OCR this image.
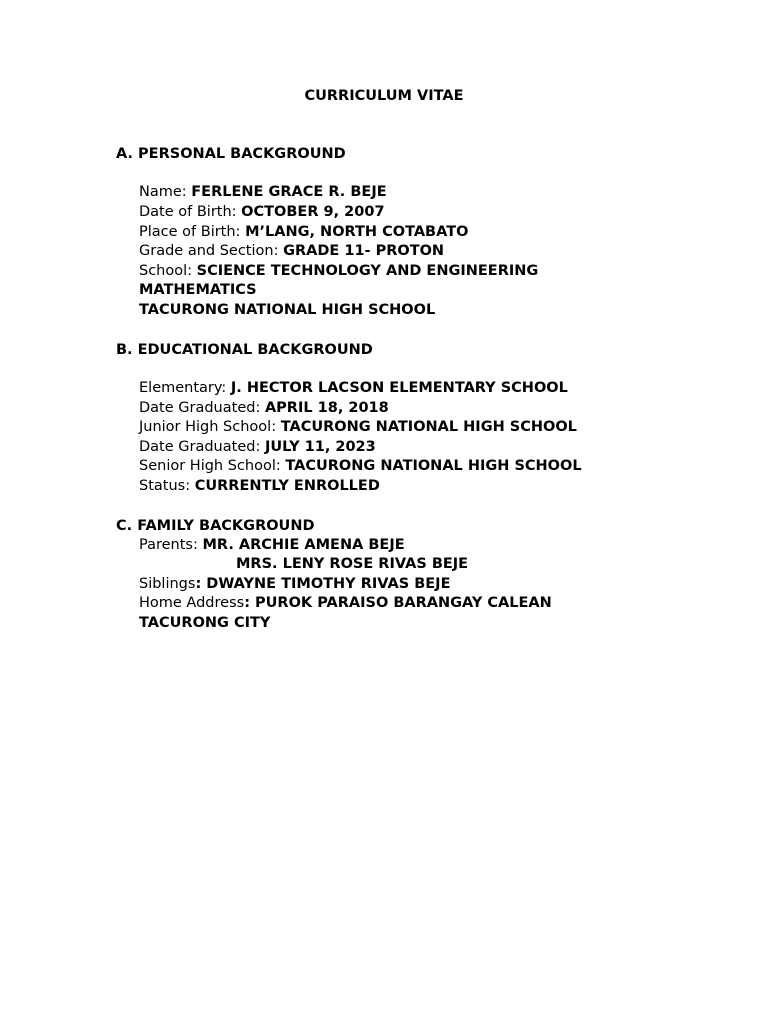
CURRICULUM VITAE
A. PERSONAL BACKGROUND
Name: FERLENE GRACE R. BEJE
Date of Birth: OCTOBER 9, 2007
Place of Birth: M’LANG, NORTH COTABATO
Grade and Section: GRADE 11- PROTON
School: SCIENCE TECHNOLOGY AND ENGINEERING
MATHEMATICS
TACURONG NATIONAL HIGH SCHOOL
B. EDUCATIONAL BACKGROUND
Elementary: J. HECTOR LACSON ELEMENTARY SCHOOL
Date Graduated: APRIL 18, 2018
Junior High School: TACURONG NATIONAL HIGH SCHOOL
Date Graduated: JULY 11, 2023
Senior High School: TACURONG NATIONAL HIGH SCHOOL
Status: CURRENTLY ENROLLED
C. FAMILY BACKGROUND
Parents: MR. ARCHIE AMENA BEJE
MRS. LENY ROSE RIVAS BEJE
Siblings: DWAYNE TIMOTHY RIVAS BEJE
Home Address: PUROK PARAISO BARANGAY CALEAN
TACURONG CITY
